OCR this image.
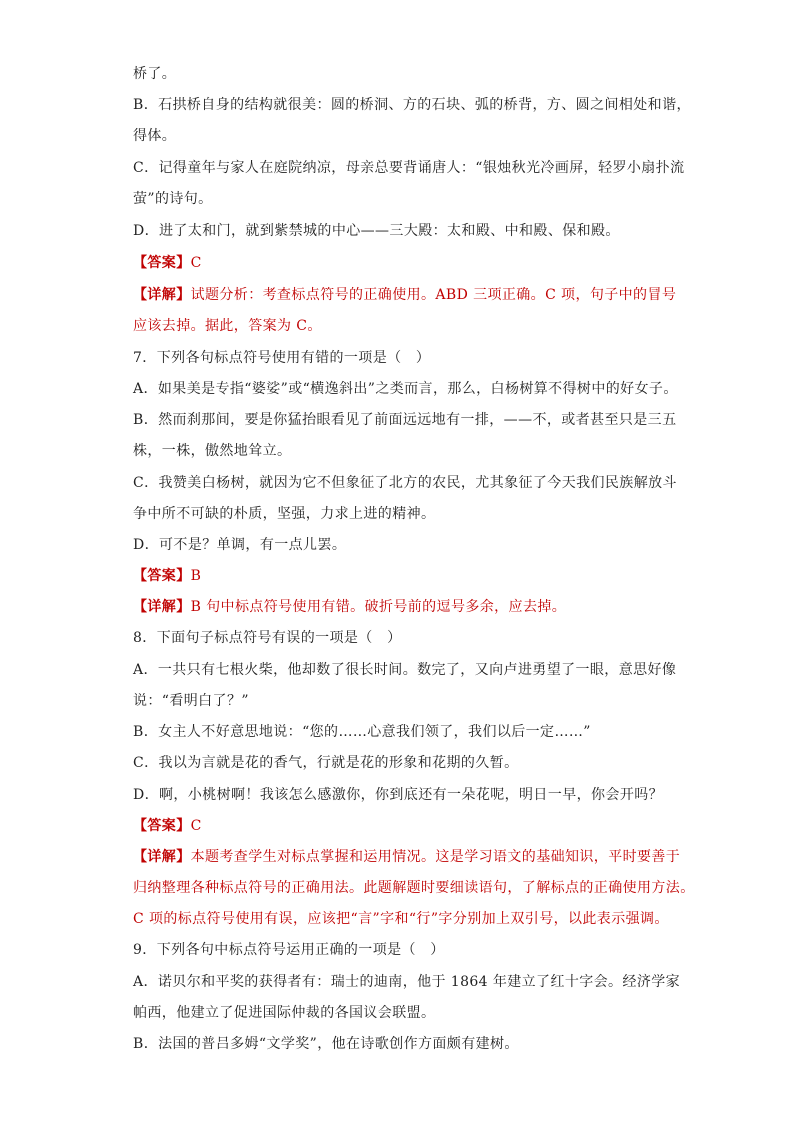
桥了。
B．石拱桥自身的结构就很美：圆的桥洞、方的石块、弧的桥背，方、圆之间相处和谐，
得体。
C．记得童年与家人在庭院纳凉，母亲总要背诵唐人：“银烛秋光冷画屏，轻罗小扇扑流
萤”的诗句。
D．进了太和门，就到紫禁城的中心——三大殿：太和殿、中和殿、保和殿。
【答案】C
【详解】试题分析：考查标点符号的正确使用。ABD 三项正确。C 项，句子中的冒号
应该去掉。据此，答案为 C。
7．下列各句标点符号使用有错的一项是（　）
A．如果美是专指“婆娑”或“横逸斜出”之类而言，那么，白杨树算不得树中的好女子。
B．然而刹那间，要是你猛抬眼看见了前面远远地有一排，——不，或者甚至只是三五
株，一株，傲然地耸立。
C．我赞美白杨树，就因为它不但象征了北方的农民，尤其象征了今天我们民族解放斗
争中所不可缺的朴质，坚强，力求上进的精神。
D．可不是？单调，有一点儿罢。
【答案】B
【详解】B 句中标点符号使用有错。破折号前的逗号多余，应去掉。
8．下面句子标点符号有误的一项是（　）
A．一共只有七根火柴，他却数了很长时间。数完了，又向卢进勇望了一眼，意思好像
说：“看明白了？”
B．女主人不好意思地说：“您的……心意我们领了，我们以后一定……”
C．我以为言就是花的香气，行就是花的形象和花期的久暂。
D．啊，小桃树啊！我该怎么感激你，你到底还有一朵花呢，明日一早，你会开吗？
【答案】C
【详解】本题考查学生对标点掌握和运用情况。这是学习语文的基础知识，平时要善于
归纳整理各种标点符号的正确用法。此题解题时要细读语句，了解标点的正确使用方法。
C 项的标点符号使用有误，应该把“言”字和“行”字分别加上双引号，以此表示强调。
9．下列各句中标点符号运用正确的一项是（　）
A．诺贝尔和平奖的获得者有：瑞士的迪南，他于 1864 年建立了红十字会。经济学家
帕西，他建立了促进国际仲裁的各国议会联盟。
B．法国的普吕多姆“文学奖”，他在诗歌创作方面颇有建树。
